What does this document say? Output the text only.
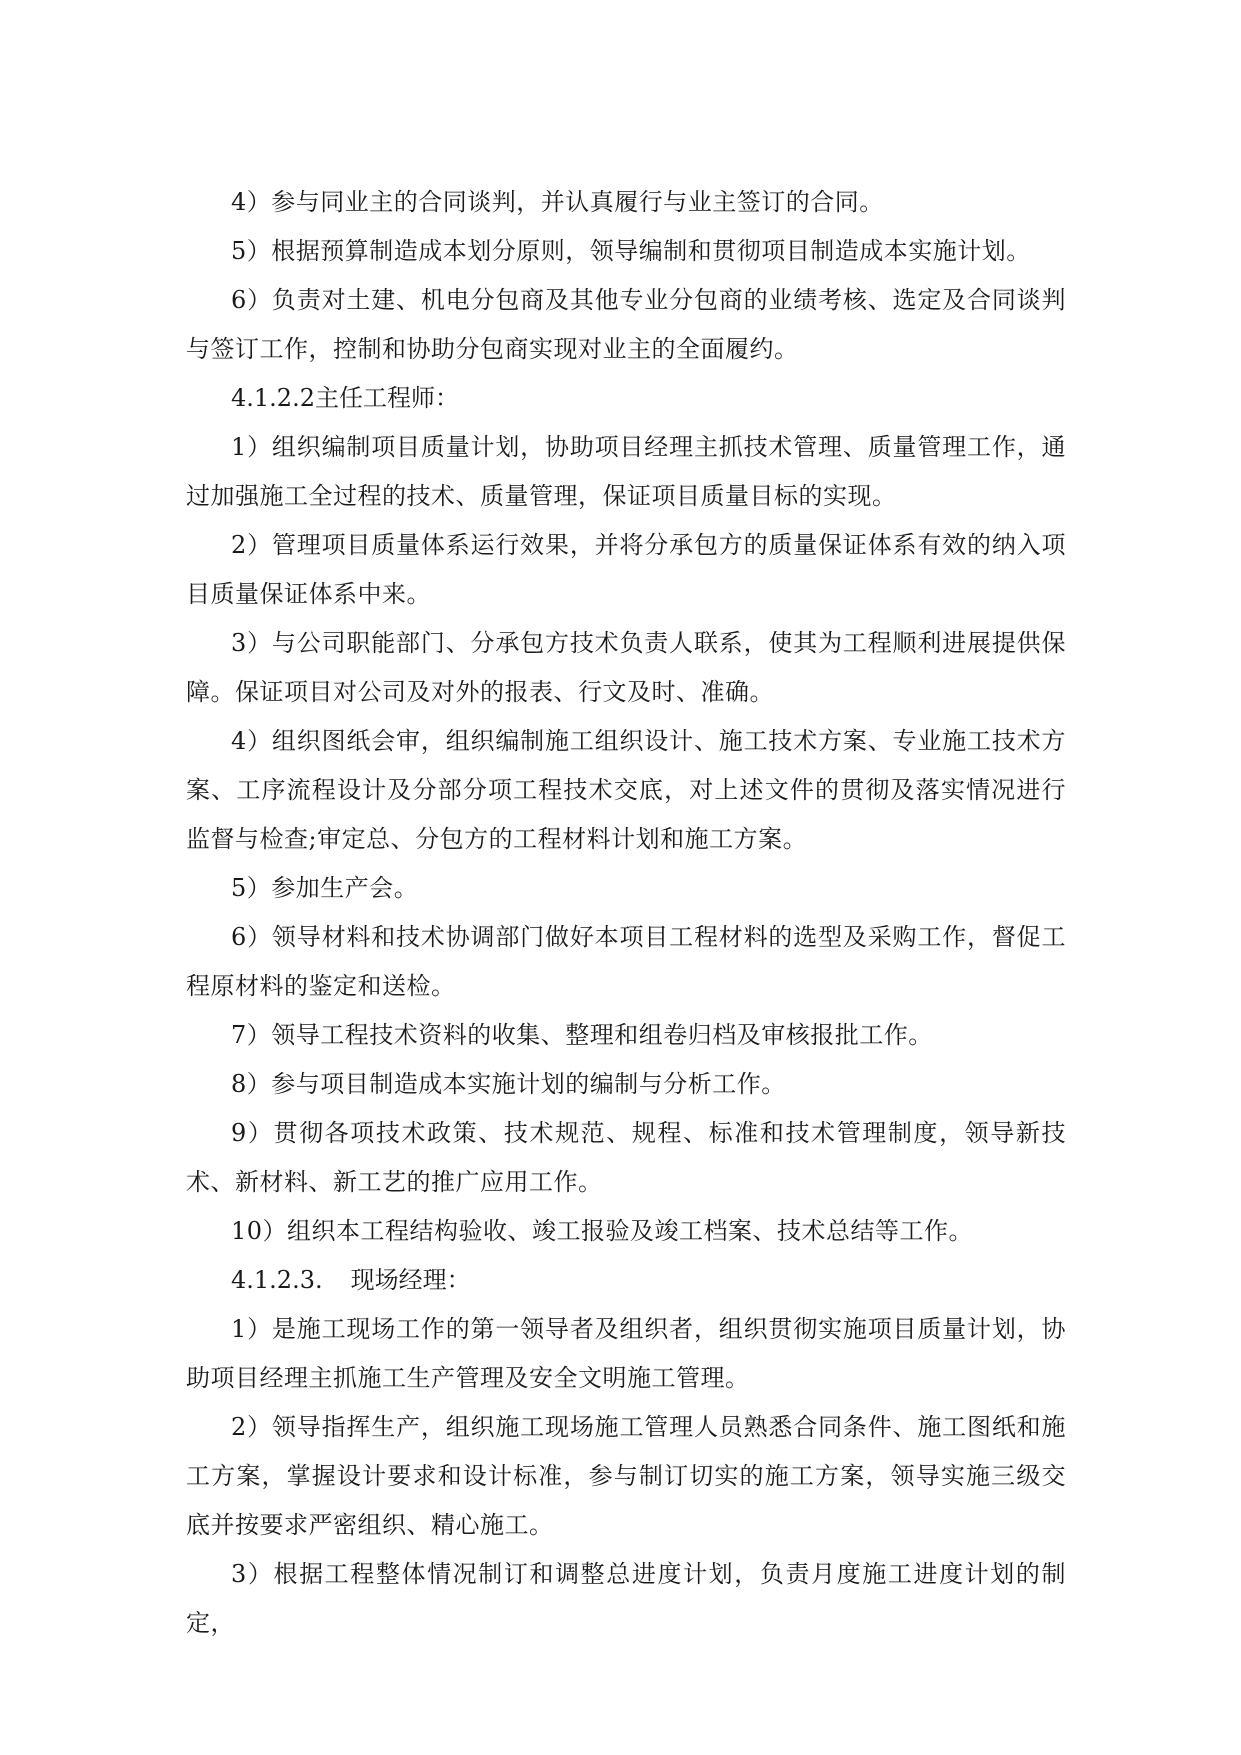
4）参与同业主的合同谈判，并认真履行与业主签订的合同。

5）根据预算制造成本划分原则，领导编制和贯彻项目制造成本实施计划。

6）负责对土建、机电分包商及其他专业分包商的业绩考核、选定及合同谈判与签订工作，控制和协助分包商实现对业主的全面履约。

4.1.2.2主任工程师：

1）组织编制项目质量计划，协助项目经理主抓技术管理、质量管理工作，通过加强施工全过程的技术、质量管理，保证项目质量目标的实现。

2）管理项目质量体系运行效果，并将分承包方的质量保证体系有效的纳入项目质量保证体系中来。

3）与公司职能部门、分承包方技术负责人联系，使其为工程顺利进展提供保障。保证项目对公司及对外的报表、行文及时、准确。

4）组织图纸会审，组织编制施工组织设计、施工技术方案、专业施工技术方案、工序流程设计及分部分项工程技术交底，对上述文件的贯彻及落实情况进行监督与检查;审定总、分包方的工程材料计划和施工方案。

5）参加生产会。

6）领导材料和技术协调部门做好本项目工程材料的选型及采购工作，督促工程原材料的鉴定和送检。

7）领导工程技术资料的收集、整理和组卷归档及审核报批工作。

8）参与项目制造成本实施计划的编制与分析工作。

9）贯彻各项技术政策、技术规范、规程、标准和技术管理制度，领导新技术、新材料、新工艺的推广应用工作。

10）组织本工程结构验收、竣工报验及竣工档案、技术总结等工作。

4.1.2.3. 现场经理：

1）是施工现场工作的第一领导者及组织者，组织贯彻实施项目质量计划，协助项目经理主抓施工生产管理及安全文明施工管理。

2）领导指挥生产，组织施工现场施工管理人员熟悉合同条件、施工图纸和施工方案，掌握设计要求和设计标准，参与制订切实的施工方案，领导实施三级交底并按要求严密组织、精心施工。

3）根据工程整体情况制订和调整总进度计划，负责月度施工进度计划的制定，
